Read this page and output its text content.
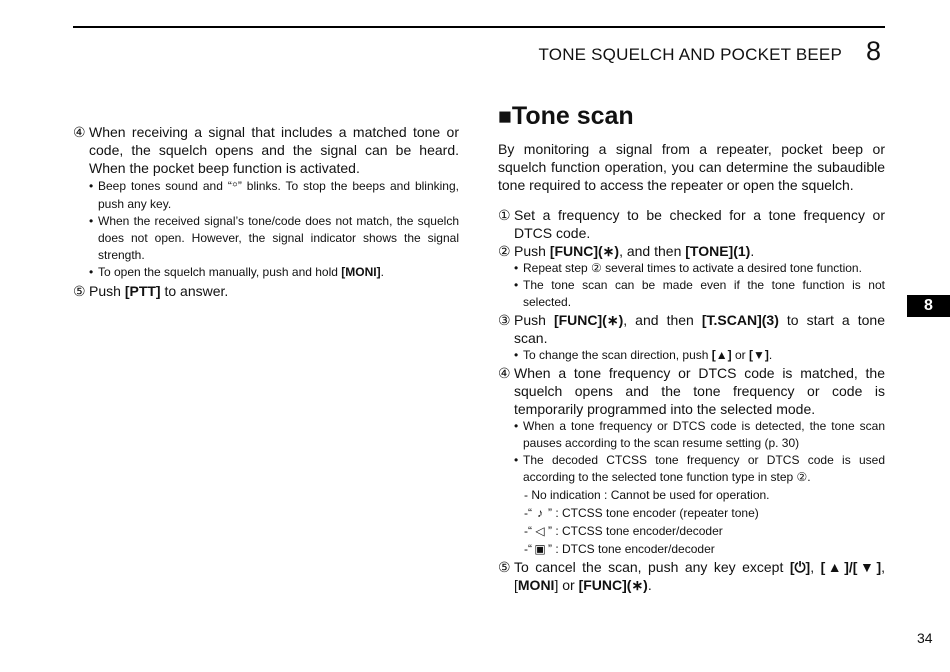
TONE SQUELCH AND POCKET BEEP 8
8
34
④ When receiving a signal that includes a matched tone or code, the squelch opens and the signal can be heard. When the pocket beep function is activated.
• Beep tones sound and “꙳” blinks. To stop the beeps and blinking, push any key.
• When the received signal’s tone/code does not match, the squelch does not open. However, the signal indicator shows the signal strength.
• To open the squelch manually, push and hold [MONI].
⑤ Push [PTT] to answer.
■Tone scan
By monitoring a signal from a repeater, pocket beep or squelch function operation, you can determine the subaudible tone required to access the repeater or open the squelch.
① Set a frequency to be checked for a tone frequency or DTCS code.
② Push [FUNC](∗), and then [TONE](1).
• Repeat step ② several times to activate a desired tone function.
• The tone scan can be made even if the tone function is not selected.
③ Push [FUNC](∗), and then [T.SCAN](3) to start a tone scan.
• To change the scan direction, push [▲] or [▼].
④ When a tone frequency or DTCS code is matched, the squelch opens and the tone frequency or code is temporarily programmed into the selected mode.
• When a tone frequency or DTCS code is detected, the tone scan pauses according to the scan resume setting (p. 30)
• The decoded CTCSS tone frequency or DTCS code is used according to the selected tone function type in step ②.
- No indication : Cannot be used for operation.
-“ ♪ ” : CTCSS tone encoder (repeater tone)
-“ ◁ ” : CTCSS tone encoder/decoder
-“ ▣ ” : DTCS tone encoder/decoder
⑤ To cancel the scan, push any key except [⏻], [▲]/[▼], [MONI] or [FUNC](∗).
